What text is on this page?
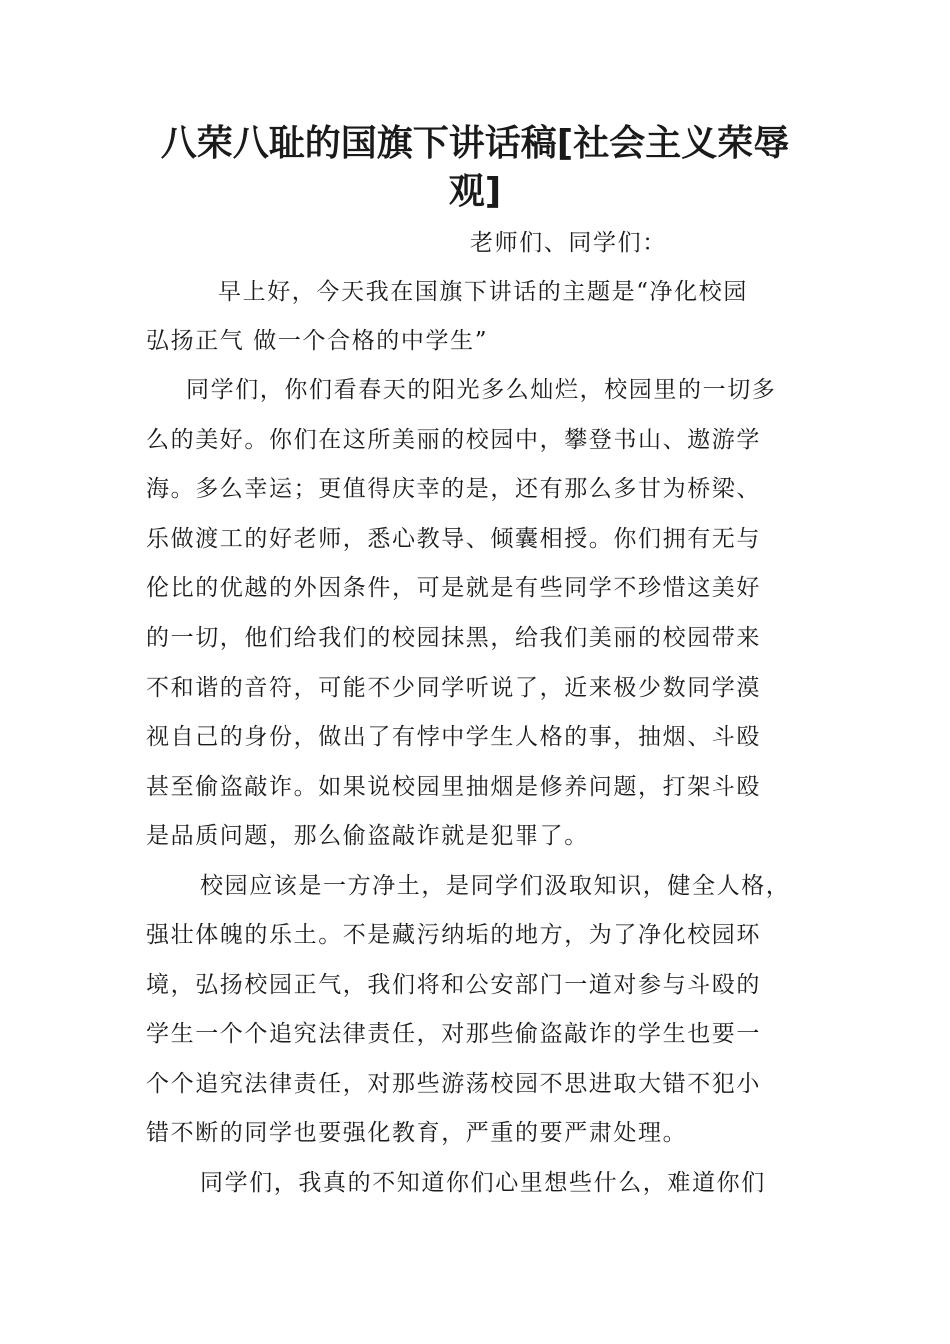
八荣八耻的国旗下讲话稿[社会主义荣辱
观]
老师们、同学们：
早上好，今天我在国旗下讲话的主题是“净化校园
弘扬正气 做一个合格的中学生”
同学们，你们看春天的阳光多么灿烂，校园里的一切多
么的美好。你们在这所美丽的校园中，攀登书山、遨游学
海。多么幸运；更值得庆幸的是，还有那么多甘为桥梁、
乐做渡工的好老师，悉心教导、倾囊相授。你们拥有无与
伦比的优越的外因条件，可是就是有些同学不珍惜这美好
的一切，他们给我们的校园抹黑，给我们美丽的校园带来
不和谐的音符，可能不少同学听说了，近来极少数同学漠
视自己的身份，做出了有悖中学生人格的事，抽烟、斗殴
甚至偷盗敲诈。如果说校园里抽烟是修养问题，打架斗殴
是品质问题，那么偷盗敲诈就是犯罪了。
校园应该是一方净土，是同学们汲取知识，健全人格，
强壮体魄的乐土。不是藏污纳垢的地方，为了净化校园环
境，弘扬校园正气，我们将和公安部门一道对参与斗殴的
学生一个个追究法律责任，对那些偷盗敲诈的学生也要一
个个追究法律责任，对那些游荡校园不思进取大错不犯小
错不断的同学也要强化教育，严重的要严肃处理。
同学们，我真的不知道你们心里想些什么，难道你们
